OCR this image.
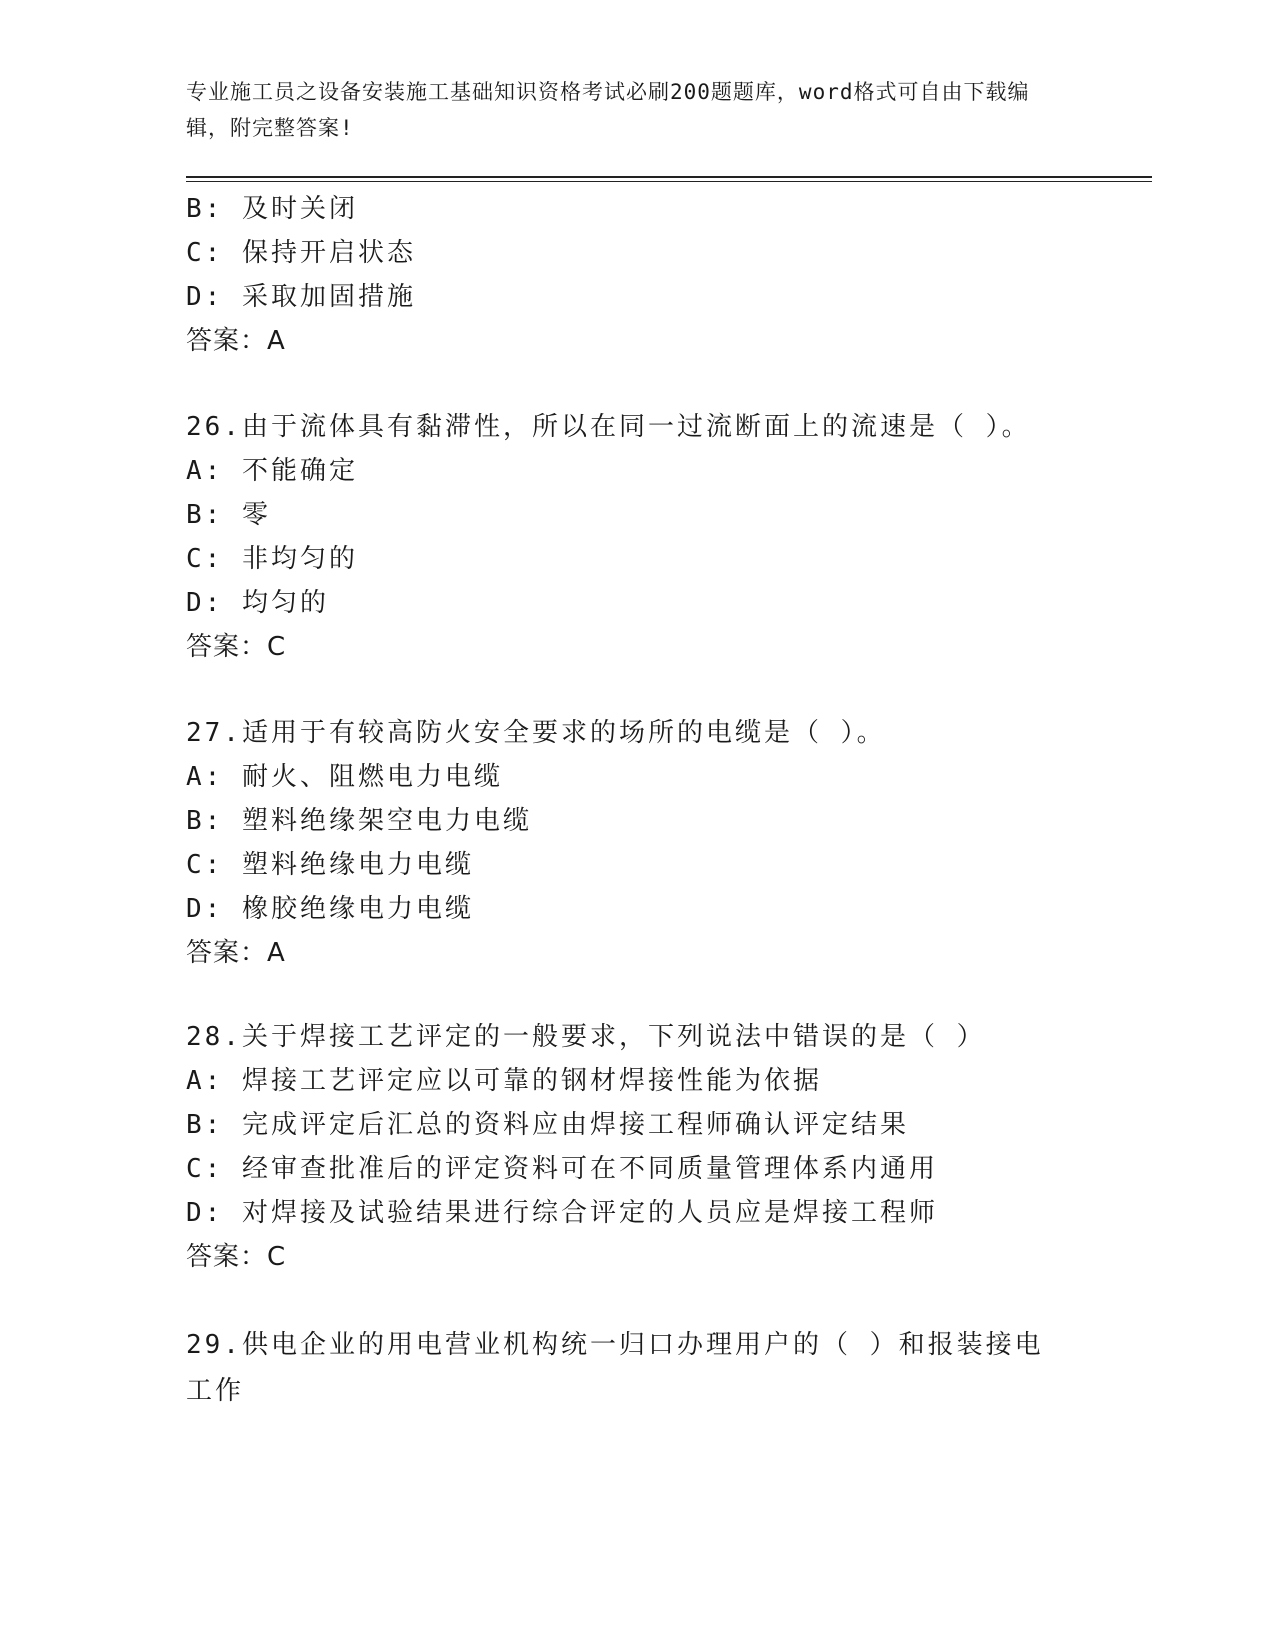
专业施工员之设备安装施工基础知识资格考试必刷200题题库，word格式可自由下载编辑，附完整答案!
B: 及时关闭
C: 保持开启状态
D: 采取加固措施
答案：A
26.由于流体具有黏滞性，所以在同一过流断面上的流速是（ ）。
A: 不能确定
B: 零
C: 非均匀的
D: 均匀的
答案：C
27.适用于有较高防火安全要求的场所的电缆是（ ）。
A: 耐火、阻燃电力电缆
B: 塑料绝缘架空电力电缆
C: 塑料绝缘电力电缆
D: 橡胶绝缘电力电缆
答案：A
28.关于焊接工艺评定的一般要求，下列说法中错误的是（ ）
A: 焊接工艺评定应以可靠的钢材焊接性能为依据
B: 完成评定后汇总的资料应由焊接工程师确认评定结果
C: 经审查批准后的评定资料可在不同质量管理体系内通用
D: 对焊接及试验结果进行综合评定的人员应是焊接工程师
答案：C
29.供电企业的用电营业机构统一归口办理用户的（ ）和报装接电工作
